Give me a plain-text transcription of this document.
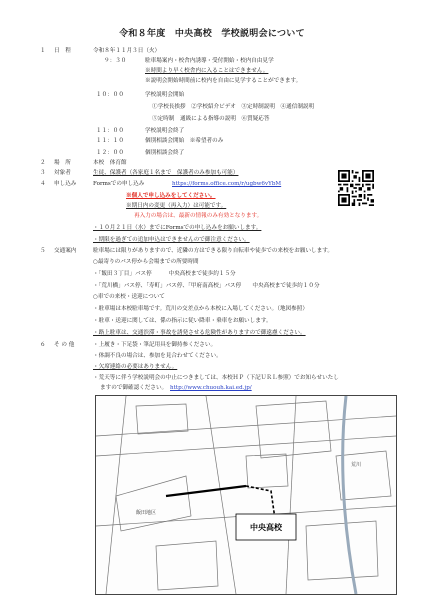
令和８年度　中央高校　学校説明会について
１ 日　程	令和８年１１月３日（火）
９：３０	駐車場案内・校舎内誘導・受付開始・校内自由見学
※時間より早く校舎内に入ることはできません。
※説明会開始時間前に校内を自由に見学することができます。
１０：００	学校説明会開始
①学校長挨拶　②学校紹介ビデオ　③定時制説明　④通信制説明
⑤定時制　通級による指導の説明　⑥質疑応答
１１：００	学校説明会終了
１１：１０	個別相談会開始　※希望者のみ
１２：００	個別相談会終了
２ 場　所	本校　体育館
３ 対象者	生徒、保護者（各家庭１名まで　保護者のみ参加も可能）
４ 申し込み	Formsでの申し込み	https://forms.office.com/r/ugbw6vYbM
※個人で申し込みをしてください。
※期日内の変更（再入力）は可能です。
再入力の場合は、最新の情報のみ有効となります。
・１０月２１日（水）までにFormsでの申し込みをお願いします。
・期限を過ぎての追加申込はできませんので御注意ください。
５ 交通案内	駐車場には限りがありますので、近隣の方はできる限り自転車や徒歩での来校をお願いします。
○最寄りのバス停から会場までの所要時間
・「飯田３丁目」バス停　　　中央高校まで徒歩約１５分
・「荒川橋」バス停、「寿町」バス停、「甲府南高校」バス停　　中央高校まで徒歩約１０分
○車での来校・送迎について
・駐車場は本校駐車場です。荒川の交差点から本校に入場してください。（地図参照）
・駐車・送迎に関しては、係の指示に従い降車・乗車をお願いします。
・路上駐車は、交通渋滞・事故を誘発させる危険性がありますので御遠慮ください。
６ そ の 他	・上履き・下足袋・筆記用具を御持参ください。
・体調不良の場合は、参加を見合わせてください。
・欠席連絡の必要はありません。
・荒天等に伴う学校説明会の中止につきましては、本校ＨＰ（下記ＵＲＬ参照）でお知らせいたし
ますので御確認ください。 http://www.chuouh.kai.ed.jp/
中央高校
飯田地区
荒川
